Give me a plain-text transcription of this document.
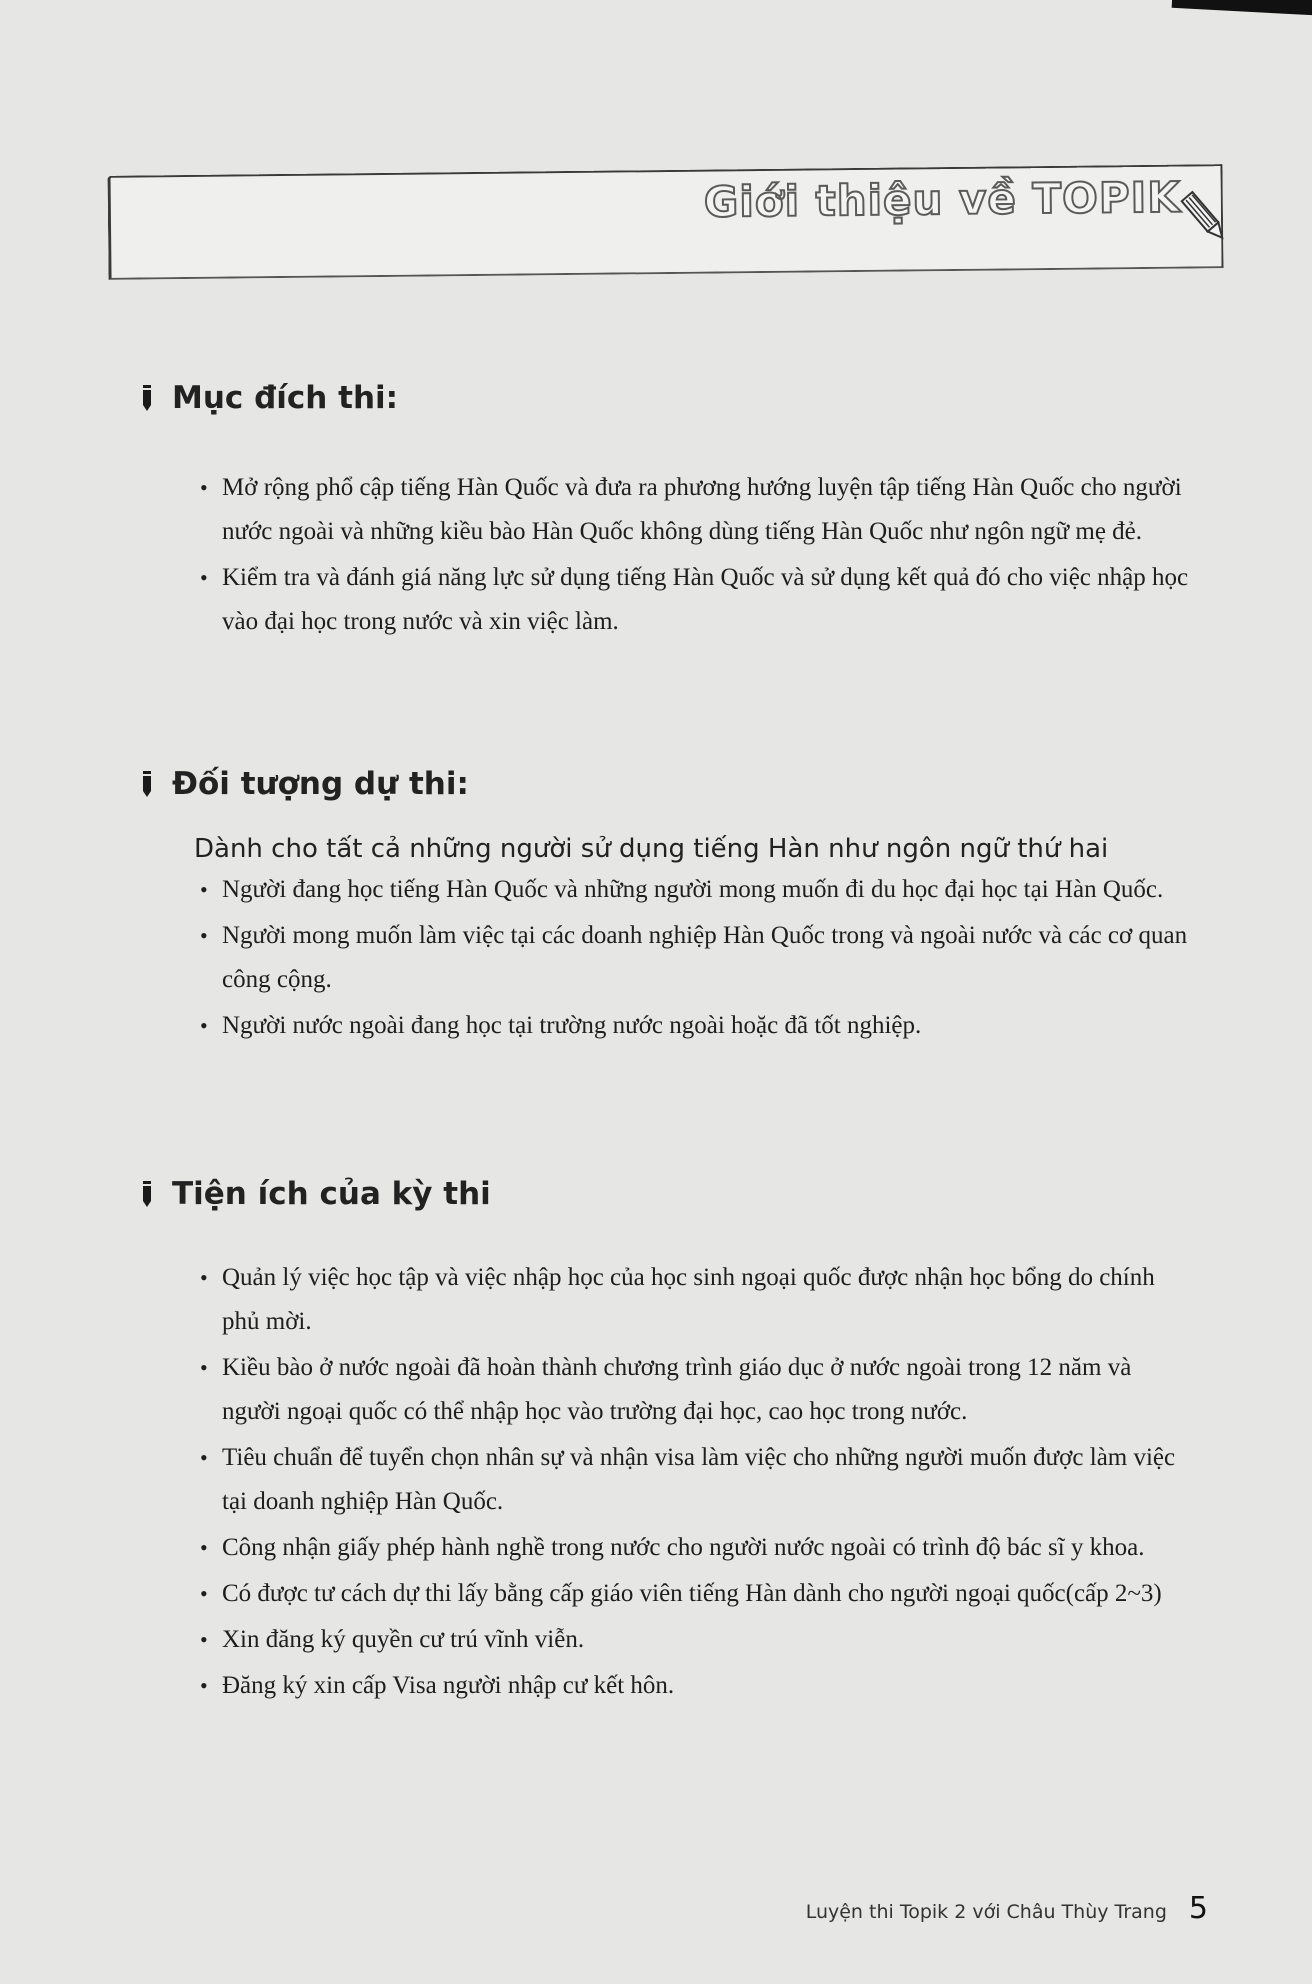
Giới thiệu về TOPIK
Mục đích thi:
• Mở rộng phổ cập tiếng Hàn Quốc và đưa ra phương hướng luyện tập tiếng Hàn Quốc cho người nước ngoài và những kiều bào Hàn Quốc không dùng tiếng Hàn Quốc như ngôn ngữ mẹ đẻ.
• Kiểm tra và đánh giá năng lực sử dụng tiếng Hàn Quốc và sử dụng kết quả đó cho việc nhập học vào đại học trong nước và xin việc làm.
Đối tượng dự thi:
Dành cho tất cả những người sử dụng tiếng Hàn như ngôn ngữ thứ hai
• Người đang học tiếng Hàn Quốc và những người mong muốn đi du học đại học tại Hàn Quốc.
• Người mong muốn làm việc tại các doanh nghiệp Hàn Quốc trong và ngoài nước và các cơ quan công cộng.
• Người nước ngoài đang học tại trường nước ngoài hoặc đã tốt nghiệp.
Tiện ích của kỳ thi
• Quản lý việc học tập và việc nhập học của học sinh ngoại quốc được nhận học bổng do chính phủ mời.
• Kiều bào ở nước ngoài đã hoàn thành chương trình giáo dục ở nước ngoài trong 12 năm và người ngoại quốc có thể nhập học vào trường đại học, cao học trong nước.
• Tiêu chuẩn để tuyển chọn nhân sự và nhận visa làm việc cho những người muốn được làm việc tại doanh nghiệp Hàn Quốc.
• Công nhận giấy phép hành nghề trong nước cho người nước ngoài có trình độ bác sĩ y khoa.
• Có được tư cách dự thi lấy bằng cấp giáo viên tiếng Hàn dành cho người ngoại quốc(cấp 2~3)
• Xin đăng ký quyền cư trú vĩnh viễn.
• Đăng ký xin cấp Visa người nhập cư kết hôn.
Luyện thi Topik 2 với Châu Thùy Trang 5
